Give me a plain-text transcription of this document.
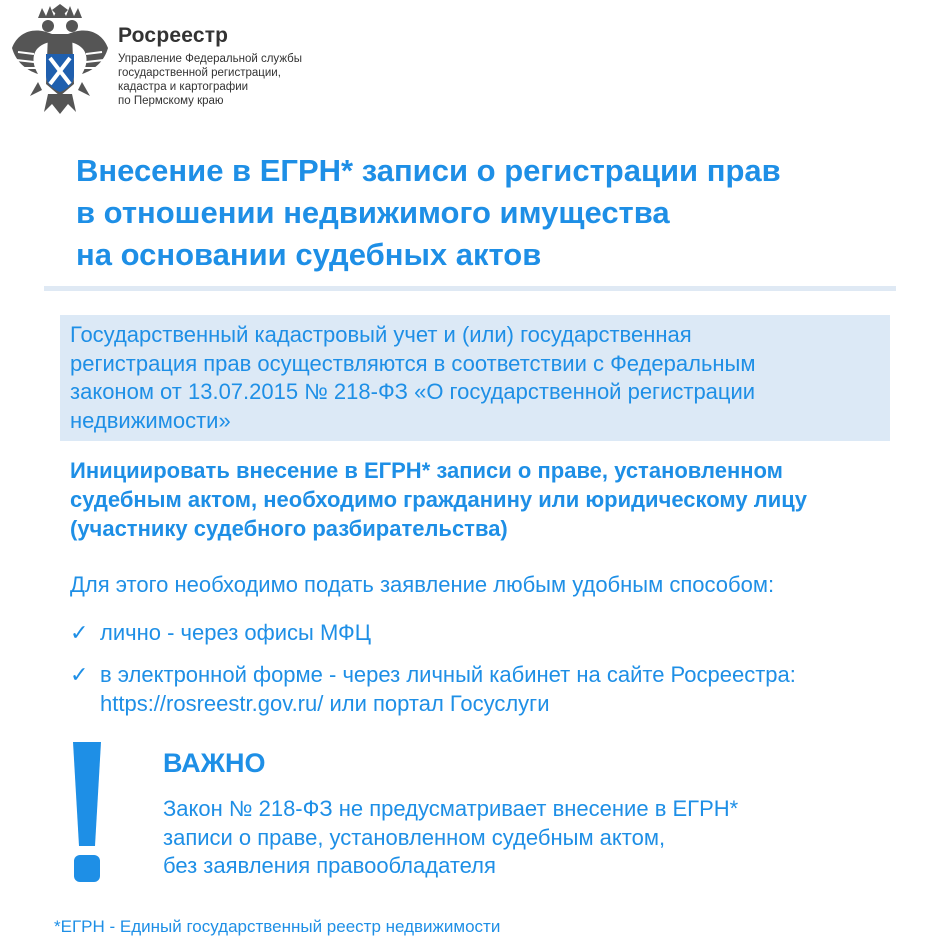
Росреестр
Управление Федеральной службы
государственной регистрации,
кадастра и картографии
по Пермскому краю
Внесение в ЕГРН* записи о регистрации прав
в отношении недвижимого имущества
на основании судебных актов
Государственный кадастровый учет и (или) государственная
регистрация прав осуществляются в соответствии с Федеральным
законом от 13.07.2015 № 218-ФЗ «О государственной регистрации
недвижимости»
Инициировать внесение в ЕГРН* записи о праве, установленном
судебным актом, необходимо гражданину или юридическому лицу
(участнику судебного разбирательства)
Для этого необходимо подать заявление любым удобным способом:
✓ лично - через офисы МФЦ
✓ в электронной форме - через личный кабинет на сайте Росреестра:
https://rosreestr.gov.ru/ или портал Госуслуги
ВАЖНО
Закон № 218-ФЗ не предусматривает внесение в ЕГРН*
записи о праве, установленном судебным актом,
без заявления правообладателя
*ЕГРН - Единый государственный реестр недвижимости
